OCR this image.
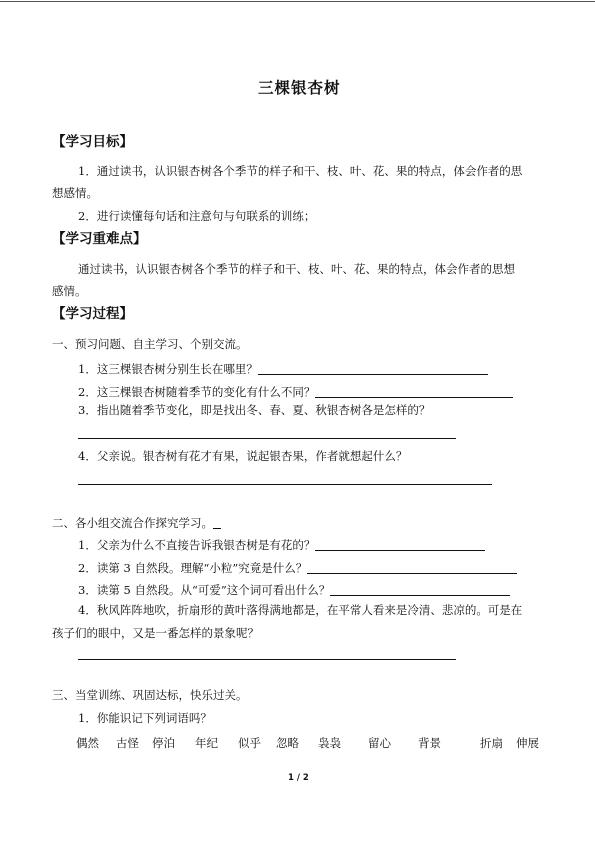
三棵银杏树
【学习目标】
1．通过读书，认识银杏树各个季节的样子和干、枝、叶、花、果的特点，体会作者的思
想感情。
2．进行读懂每句话和注意句与句联系的训练；
【学习重难点】
通过读书，认识银杏树各个季节的样子和干、枝、叶、花、果的特点，体会作者的思想
感情。
【学习过程】
一、预习问题、自主学习、个别交流。
1．这三棵银杏树分别生长在哪里？
2．这三棵银杏树随着季节的变化有什么不同？
3．指出随着季节变化，即是找出冬、春、夏、秋银杏树各是怎样的？
4．父亲说。银杏树有花才有果，说起银杏果，作者就想起什么？
二、各小组交流合作探究学习。
1．父亲为什么不直接告诉我银杏树是有花的？
2．读第 3 自然段。理解“小粒”究竟是什么？
3．读第 5 自然段。从“可爱”这个词可看出什么？
4．秋风阵阵地吹，折扇形的黄叶落得满地都是，在平常人看来是冷清、悲凉的。可是在
孩子们的眼中，又是一番怎样的景象呢？
三、当堂训练、巩固达标，快乐过关。
1．你能识记下列词语吗？
偶然 古怪 停泊 年纪 似乎 忽略 袅袅 留心 背景	折扇 伸展
1 / 2
